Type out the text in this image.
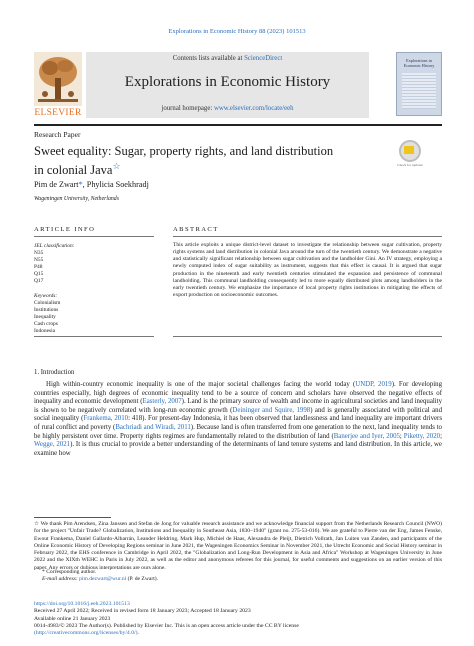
Explorations in Economic History 88 (2023) 101513
ELSEVIER
Contents lists available at ScienceDirect
Explorations in Economic History
journal homepage: www.elsevier.com/locate/eeh
Explorations in Economic History
Research Paper
Sweet equality: Sugar, property rights, and land distribution in colonial Java☆	Check for updates
Pim de Zwart*, Phylicia Soekhradj
Wageningen University, Netherlands
ARTICLE INFO	ABSTRACT
JEL classification:
N35
N55
P48
Q15
Q17
Keywords:
Colonialism
Institutions
Inequality
Cash crops
Indonesia
This article exploits a unique district-level dataset to investigate the relationship between sugar cultivation, property rights systems and land distribution in colonial Java around the turn of the twentieth century. We demonstrate a negative and statistically significant relationship between sugar cultivation and the landholder Gini. An IV strategy, employing a newly computed index of sugar suitability as instrument, suggests that this effect is causal. It is argued that sugar production in the nineteenth and early twentieth centuries stimulated the expansion and persistence of communal landholding. This communal landholding consequently led to more equally distributed plots among landholders in the early twentieth century. We emphasize the importance of local property rights institutions in mitigating the effects of export production on socioeconomic outcomes.
1. Introduction
High within-country economic inequality is one of the major societal challenges facing the world today (UNDP, 2019). For developing countries especially, high degrees of economic inequality tend to be a source of concern and scholars have observed the negative effects of inequality and economic development (Easterly, 2007). Land is the primary source of wealth and income in agricultural societies and land inequality is shown to be negatively correlated with long-run economic growth (Deininger and Squire, 1998) and is generally associated with political and social inequality (Frankema, 2010: 418). For present-day Indonesia, it has been observed that landlessness and land inequality are important drivers of rural conflict and poverty (Bachriadi and Wiradi, 2011). Because land is often transferred from one generation to the next, land inequality tends to be highly persistent over time. Property rights regimes are fundamentally related to the distribution of land (Banerjee and Iyer, 2005; Piketty, 2020; Wegge, 2021). It is thus crucial to provide a better understanding of the determinants of land tenure systems and land distribution. In this article, we examine how
☆ We thank Pim Arendsen, Zina Janssen and Stefan de Jong for valuable research assistance and we acknowledge financial support from the Netherlands Research Council (NWO) for the project "Unfair Trade? Globalization, Institutions and Inequality in Southeast Asia, 1830–1940" (grant no. 275-53-016). We are grateful to Pierre van der Eng, James Fenske, Ewout Frankema, Daniel Gallardo-Albarrán, Leander Heldring, Mark Hup, Michiel de Haas, Alexandra de Pleijt, Dietrich Vollrath, Jan Luiten van Zanden, and participants of the Online Economic History of Developing Regions seminar in June 2021, the Wageningen Economics Seminar in November 2021, the Utrecht Economic and Social History seminar in February 2022, the EHS conference in Cambridge in April 2022, the "Globalization and Long-Run Development in Asia and Africa" Workshop at Wageningen University in June 2022 and the XIXth WEHC in Paris in July 2022, as well as the editor and anonymous referees for this journal, for useful comments and suggestions on an earlier version of this paper. Any errors or dubious interpretations are ours alone.
* Corresponding author.
E-mail address: pim.dezwart@wur.nl (P. de Zwart).
https://doi.org/10.1016/j.eeh.2023.101513
Received 27 April 2022; Received in revised form 18 January 2023; Accepted 18 January 2023
Available online 21 January 2023
0014-4983/© 2023 The Author(s). Published by Elsevier Inc. This is an open access article under the CC BY license
(http://creativecommons.org/licenses/by/4.0/).
